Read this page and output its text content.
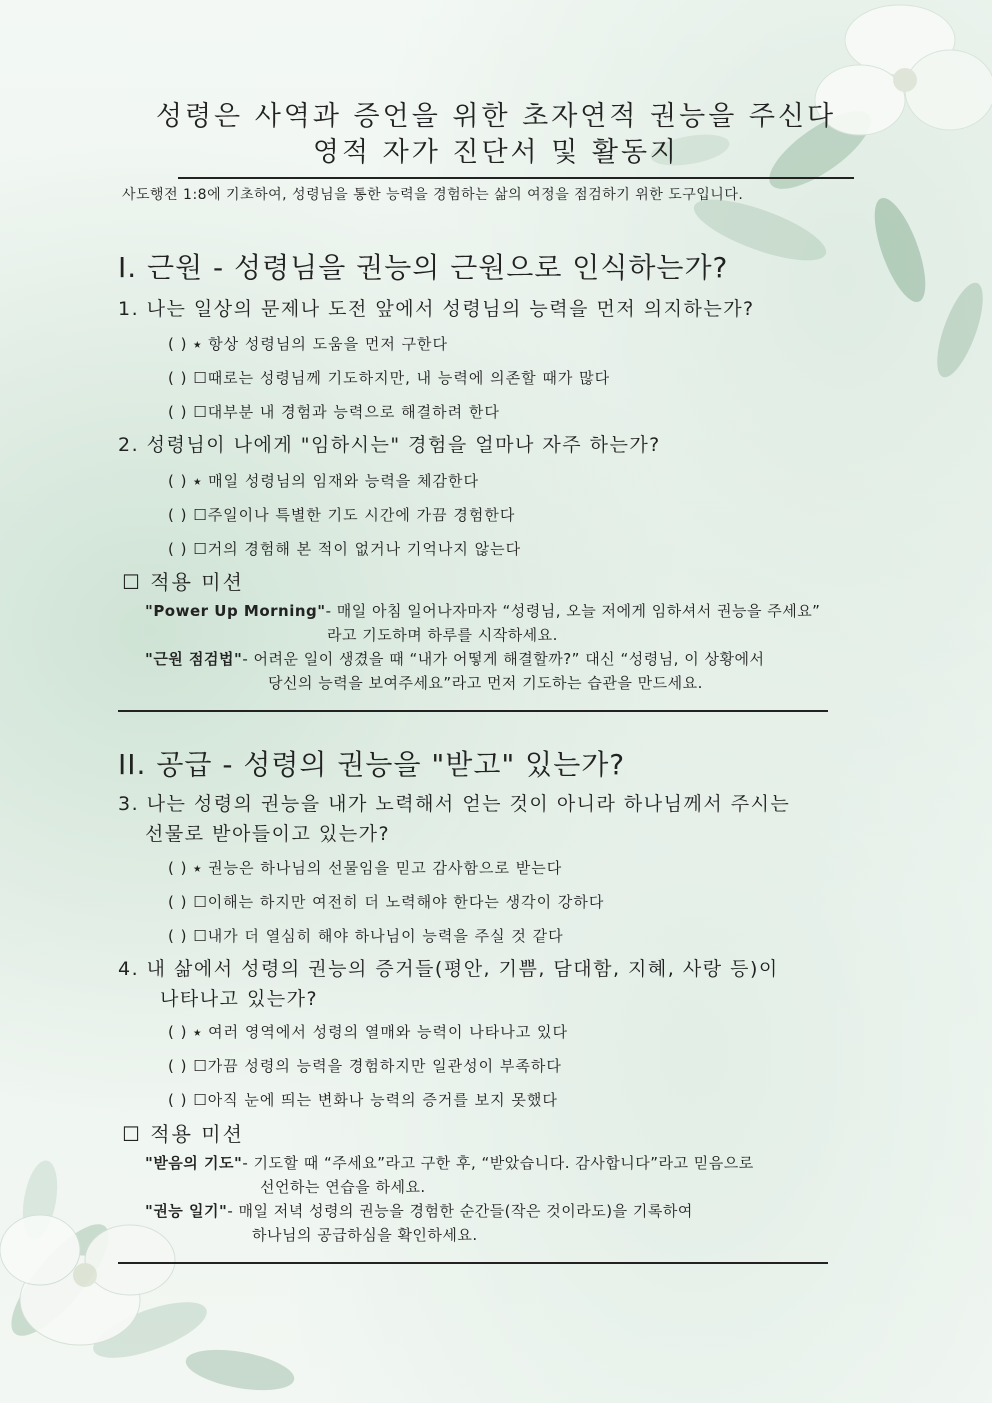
성령은 사역과 증언을 위한 초자연적 권능을 주신다
영적 자가 진단서 및 활동지
사도행전 1:8에 기초하여, 성령님을 통한 능력을 경험하는 삶의 여정을 점검하기 위한 도구입니다.
I. 근원 - 성령님을 권능의 근원으로 인식하는가?
1. 나는 일상의 문제나 도전 앞에서 성령님의 능력을 먼저 의지하는가?
( ) ⭑ 항상 성령님의 도움을 먼저 구한다
( ) ☐때로는 성령님께 기도하지만, 내 능력에 의존할 때가 많다
( ) ☐대부분 내 경험과 능력으로 해결하려 한다
2. 성령님이 나에게 "임하시는" 경험을 얼마나 자주 하는가?
( ) ⭑ 매일 성령님의 임재와 능력을 체감한다
( ) ☐주일이나 특별한 기도 시간에 가끔 경험한다
( ) ☐거의 경험해 본 적이 없거나 기억나지 않는다
☐ 적용 미션
"Power Up Morning"- 매일 아침 일어나자마자 “성령님, 오늘 저에게 임하셔서 권능을 주세요”
라고 기도하며 하루를 시작하세요.
"근원 점검법"- 어려운 일이 생겼을 때 “내가 어떻게 해결할까?” 대신 “성령님, 이 상황에서
당신의 능력을 보여주세요”라고 먼저 기도하는 습관을 만드세요.
II. 공급 - 성령의 권능을 "받고" 있는가?
3. 나는 성령의 권능을 내가 노력해서 얻는 것이 아니라 하나님께서 주시는
선물로 받아들이고 있는가?
( ) ⭑ 권능은 하나님의 선물임을 믿고 감사함으로 받는다
( ) ☐이해는 하지만 여전히 더 노력해야 한다는 생각이 강하다
( ) ☐내가 더 열심히 해야 하나님이 능력을 주실 것 같다
4. 내 삶에서 성령의 권능의 증거들(평안, 기쁨, 담대함, 지혜, 사랑 등)이
나타나고 있는가?
( ) ⭑ 여러 영역에서 성령의 열매와 능력이 나타나고 있다
( ) ☐가끔 성령의 능력을 경험하지만 일관성이 부족하다
( ) ☐아직 눈에 띄는 변화나 능력의 증거를 보지 못했다
☐ 적용 미션
"받음의 기도"- 기도할 때 “주세요”라고 구한 후, “받았습니다. 감사합니다”라고 믿음으로
선언하는 연습을 하세요.
"권능 일기"- 매일 저녁 성령의 권능을 경험한 순간들(작은 것이라도)을 기록하여
하나님의 공급하심을 확인하세요.
